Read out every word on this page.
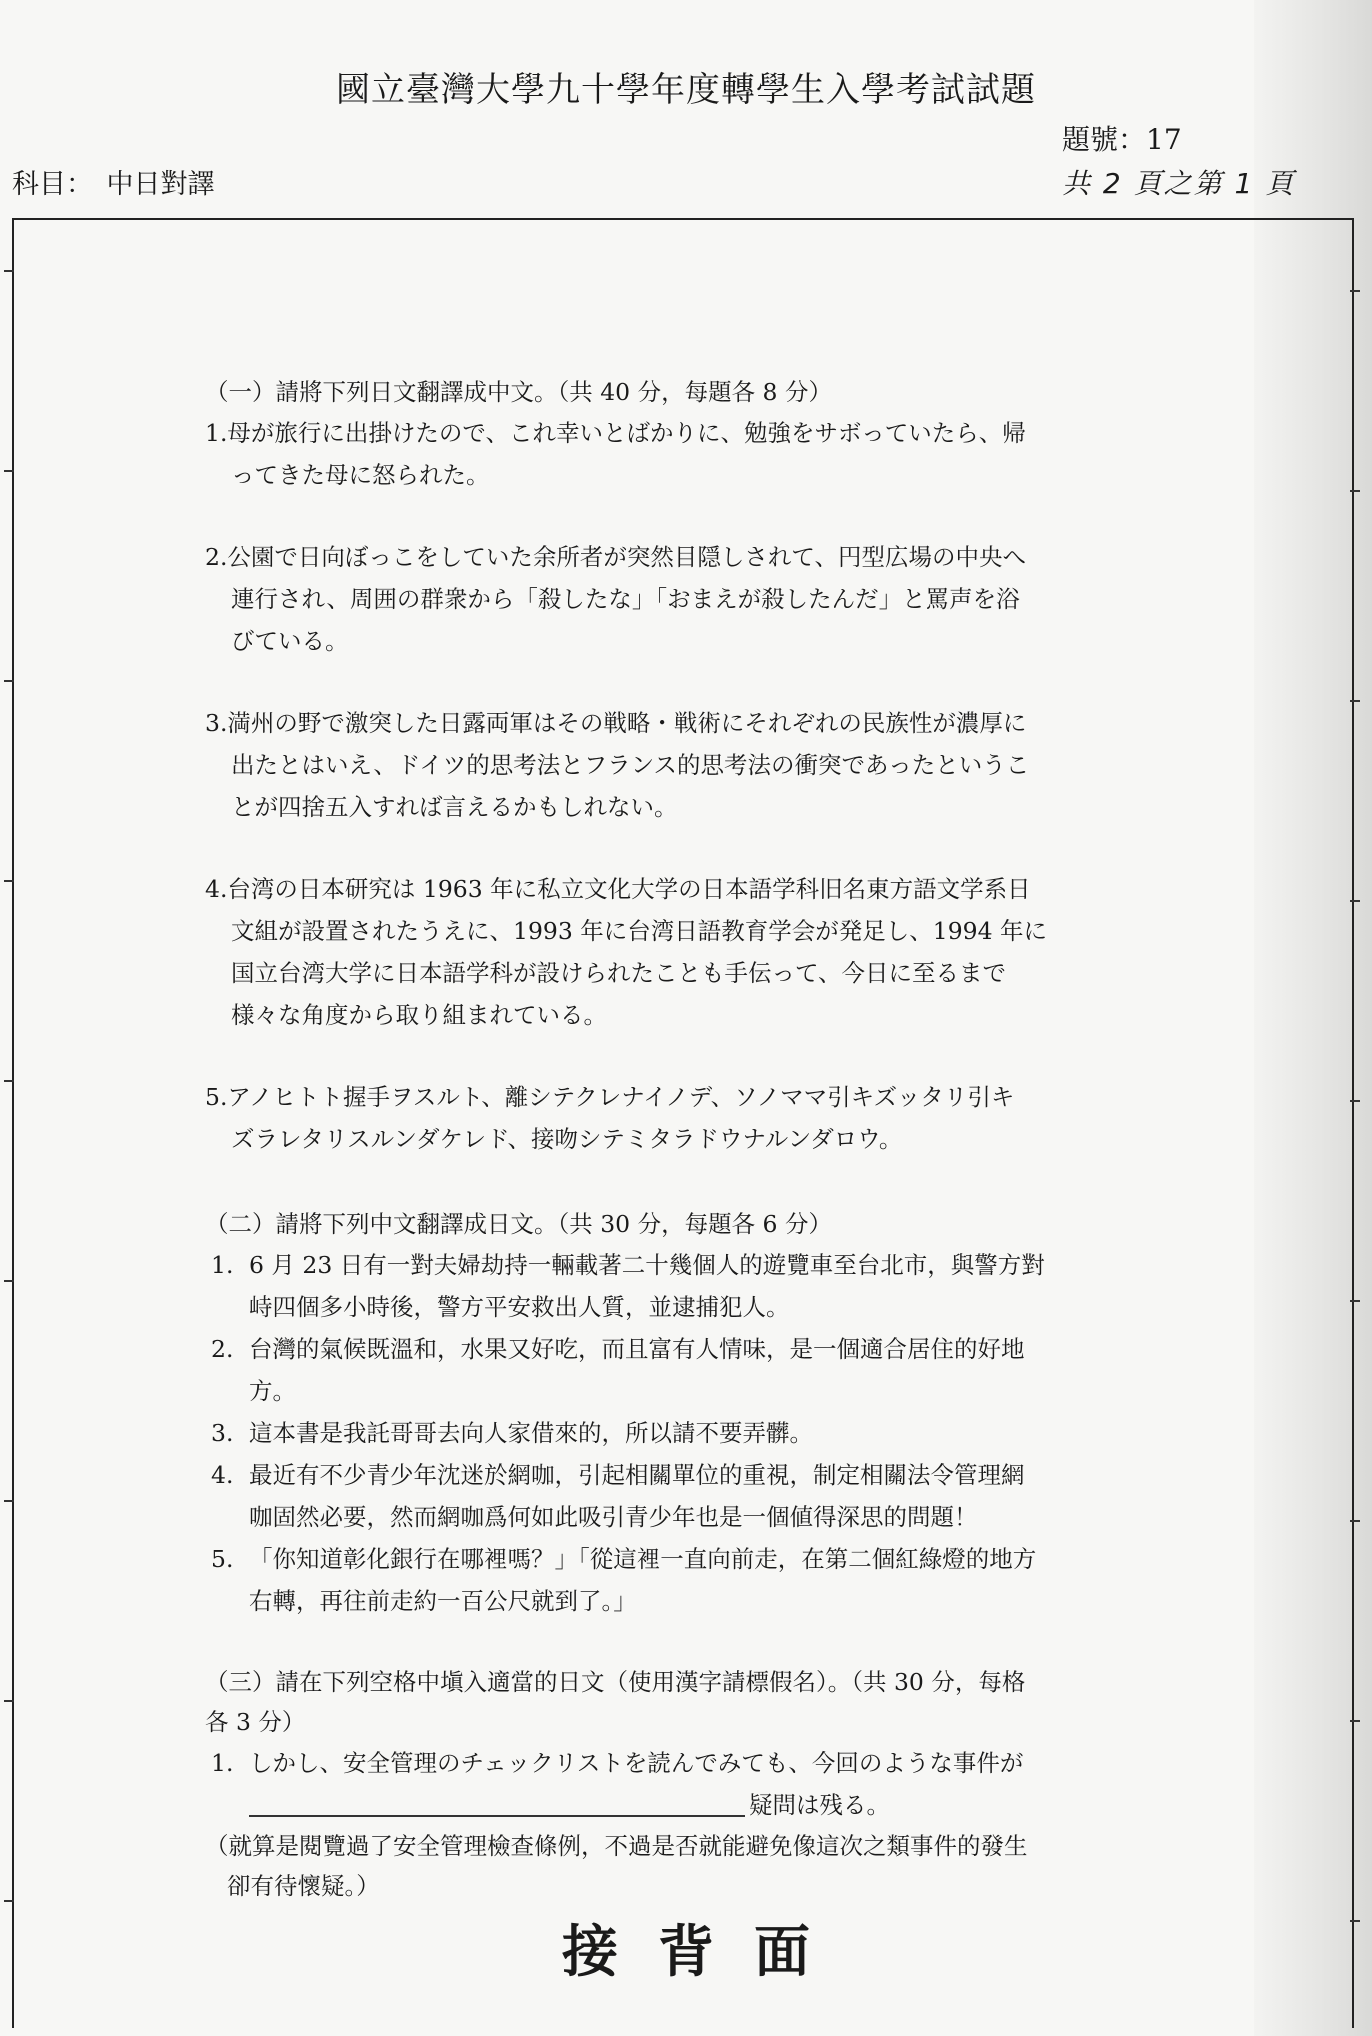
國立臺灣大學九十學年度轉學生入學考試試題
題號：17
科目：　中日對譯	共 2 頁之第 1 頁

（一）請將下列日文翻譯成中文。（共 40 分，每題各 8 分）

1.母が旅行に出掛けたので、これ幸いとばかりに、勉強をサボっていたら、帰
ってきた母に怒られた。
2.公園で日向ぼっこをしていた余所者が突然目隠しされて、円型広場の中央へ
連行され、周囲の群衆から「殺したな」「おまえが殺したんだ」と罵声を浴
びている。
3.満州の野で激突した日露両軍はその戦略・戦術にそれぞれの民族性が濃厚に
出たとはいえ、ドイツ的思考法とフランス的思考法の衝突であったというこ
とが四捨五入すれば言えるかもしれない。
4.台湾の日本研究は 1963 年に私立文化大学の日本語学科旧名東方語文学系日
文組が設置されたうえに、1993 年に台湾日語教育学会が発足し、1994 年に
国立台湾大学に日本語学科が設けられたことも手伝って、今日に至るまで
様々な角度から取り組まれている。
5.アノヒトト握手ヲスルト、離シテクレナイノデ、ソノママ引キズッタリ引キ
ズラレタリスルンダケレド、接吻シテミタラドウナルンダロウ。

（二）請將下列中文翻譯成日文。（共 30 分，每題各 6 分）

1. 6 月 23 日有一對夫婦劫持一輛載著二十幾個人的遊覽車至台北市，與警方對
峙四個多小時後，警方平安救出人質，並逮捕犯人。
2. 台灣的氣候既溫和，水果又好吃，而且富有人情味，是一個適合居住的好地
方。
3. 這本書是我託哥哥去向人家借來的，所以請不要弄髒。
4. 最近有不少青少年沈迷於網咖，引起相關單位的重視，制定相關法令管理網
咖固然必要，然而網咖爲何如此吸引青少年也是一個値得深思的問題！
5. 「你知道彰化銀行在哪裡嗎？」「從這裡一直向前走，在第二個紅綠燈的地方
右轉，再往前走約一百公尺就到了。」

（三）請在下列空格中塡入適當的日文（使用漢字請標假名）。（共 30 分，每格
各 3 分）

1. しかし、安全管理のチェックリストを読んでみても、今回のような事件が
疑問は残る。
（就算是閱覽過了安全管理檢查條例，不過是否就能避免像這次之類事件的發生
卻有待懷疑。）
接背面
